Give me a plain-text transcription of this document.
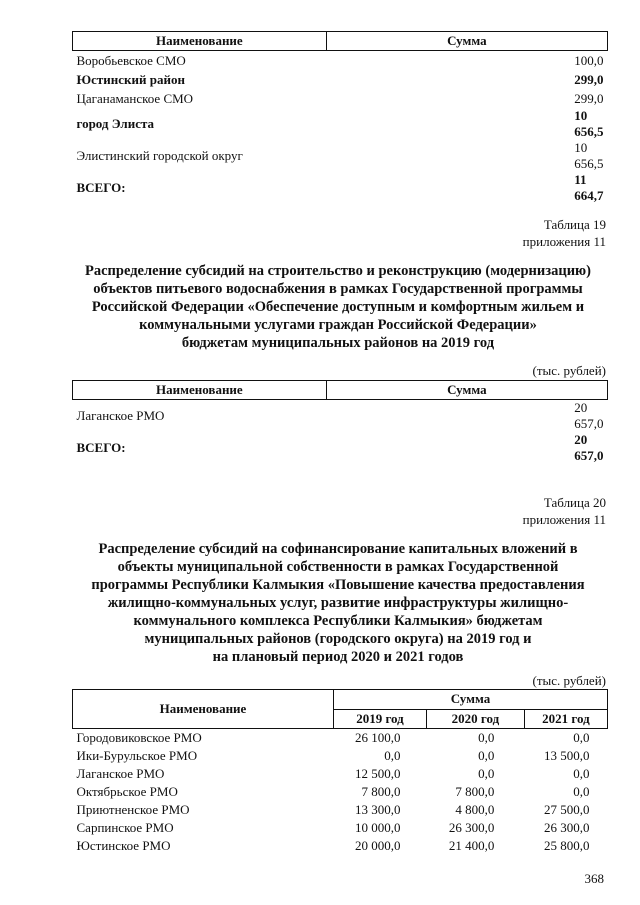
Наименование	Сумма
Воробьевское СМО	100,0
Юстинский район	299,0
Цаганаманское СМО	299,0
город Элиста	10 656,5
Элистинский городской округ	10 656,5
ВСЕГО:	11 664,7
Таблица 19
приложения 11
Распределение субсидий на строительство и реконструкцию (модернизацию)
объектов питьевого водоснабжения в рамках Государственной программы
Российской Федерации «Обеспечение доступным и комфортным жильем и
коммунальными услугами граждан Российской Федерации»
бюджетам муниципальных районов на 2019 год
(тыс. рублей)
Наименование	Сумма
Лаганское РМО	20 657,0
ВСЕГО:	20 657,0
Таблица 20
приложения 11
Распределение субсидий на софинансирование капитальных вложений в
объекты муниципальной собственности в рамках Государственной
программы Республики Калмыкия «Повышение качества предоставления
жилищно-коммунальных услуг, развитие инфраструктуры жилищно-
коммунального комплекса Республики Калмыкия» бюджетам
муниципальных районов (городского округа) на 2019 год и
на плановый период 2020 и 2021 годов
(тыс. рублей)
Наименование	Сумма		
	2019 год	2020 год	2021 год
Городовиковское РМО	26 100,0	0,0	0,0
Ики-Бурульское РМО	0,0	0,0	13 500,0
Лаганское РМО	12 500,0	0,0	0,0
Октябрьское РМО	7 800,0	7 800,0	0,0
Приютненское РМО	13 300,0	4 800,0	27 500,0
Сарпинское РМО	10 000,0	26 300,0	26 300,0
Юстинское РМО	20 000,0	21 400,0	25 800,0
368
